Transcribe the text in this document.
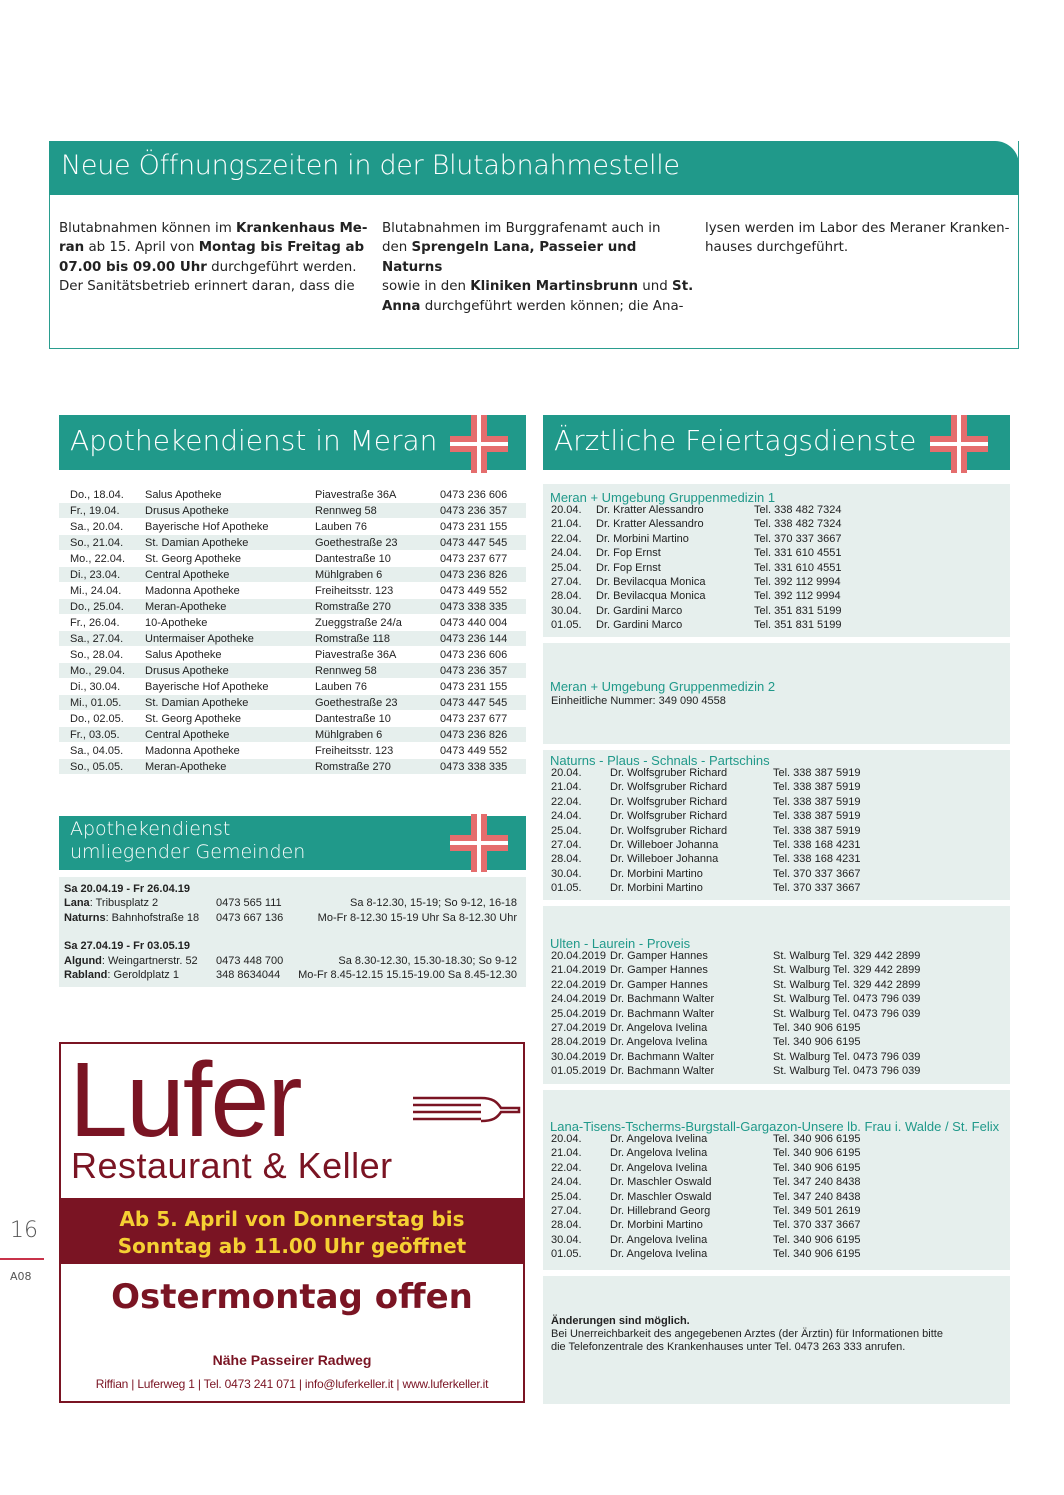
Neue Öffnungszeiten in der Blutabnahmestelle
Blutabnahmen können im Krankenhaus Me-
ran ab 15. April von Montag bis Freitag ab
07.00 bis 09.00 Uhr durchgeführt werden.
Der Sanitätsbetrieb erinnert daran, dass die
Blutabnahmen im Burggrafenamt auch in
den Sprengeln Lana, Passeier und Naturns
sowie in den Kliniken Martinsbrunn und St.
Anna durchgeführt werden können; die Ana-
lysen werden im Labor des Meraner Kranken-
hauses durchgeführt.
Apothekendienst in Meran
Do., 18.04. Salus Apotheke	Piavestraße 36A	0473 236 606
Fr., 19.04. Drusus Apotheke	Rennweg 58	0473 236 357
Sa., 20.04. Bayerische Hof Apotheke	Lauben 76	0473 231 155
So., 21.04. St. Damian Apotheke	Goethestraße 23	0473 447 545
Mo., 22.04. St. Georg Apotheke	Dantestraße 10	0473 237 677
Di., 23.04. Central Apotheke	Mühlgraben 6	0473 236 826
Mi., 24.04. Madonna Apotheke	Freiheitsstr. 123	0473 449 552
Do., 25.04. Meran-Apotheke	Romstraße 270	0473 338 335
Fr., 26.04. 10-Apotheke	Zueggstraße 24/a	0473 440 004
Sa., 27.04. Untermaiser Apotheke	Romstraße 118	0473 236 144
So., 28.04. Salus Apotheke	Piavestraße 36A	0473 236 606
Mo., 29.04. Drusus Apotheke	Rennweg 58	0473 236 357
Di., 30.04. Bayerische Hof Apotheke	Lauben 76	0473 231 155
Mi., 01.05. St. Damian Apotheke	Goethestraße 23	0473 447 545
Do., 02.05. St. Georg Apotheke	Dantestraße 10	0473 237 677
Fr., 03.05. Central Apotheke	Mühlgraben 6	0473 236 826
Sa., 04.05. Madonna Apotheke	Freiheitsstr. 123	0473 449 552
So., 05.05. Meran-Apotheke	Romstraße 270	0473 338 335
Apothekendienst
umliegender Gemeinden
Sa 20.04.19 - Fr 26.04.19
Lana: Tribusplatz 2	0473 565 111	Sa 8-12.30, 15-19; So 9-12, 16-18
Naturns: Bahnhofstraße 18 0473 667 136	Mo-Fr 8-12.30 15-19 Uhr Sa 8-12.30 Uhr
Sa 27.04.19 - Fr 03.05.19
Algund: Weingartnerstr. 52 0473 448 700	Sa 8.30-12.30, 15.30-18.30; So 9-12
Rabland: Geroldplatz 1	348 8634044 Mo-Fr 8.45-12.15 15.15-19.00 Sa 8.45-12.30
Lufer
Restaurant & Keller
Ab 5. April von Donnerstag bis
Sonntag ab 11.00 Uhr geöffnet
Ostermontag offen
Nähe Passeirer Radweg
Riffian | Luferweg 1 | Tel. 0473 241 071 | info@luferkeller.it | www.luferkeller.it
Ärztliche Feiertagsdienste
Meran + Umgebung Gruppenmedizin 1
20.04. Dr. Kratter Alessandro	Tel. 338 482 7324
21.04. Dr. Kratter Alessandro	Tel. 338 482 7324
22.04. Dr. Morbini Martino	Tel. 370 337 3667
24.04. Dr. Fop Ernst	Tel. 331 610 4551
25.04. Dr. Fop Ernst	Tel. 331 610 4551
27.04. Dr. Bevilacqua Monica	Tel. 392 112 9994
28.04. Dr. Bevilacqua Monica	Tel. 392 112 9994
30.04. Dr. Gardini Marco	Tel. 351 831 5199
01.05. Dr. Gardini Marco	Tel. 351 831 5199
Meran + Umgebung Gruppenmedizin 2
Einheitliche Nummer: 349 090 4558
Naturns - Plaus - Schnals - Partschins
20.04.	Dr. Wolfsgruber Richard	Tel. 338 387 5919
21.04.	Dr. Wolfsgruber Richard	Tel. 338 387 5919
22.04.	Dr. Wolfsgruber Richard	Tel. 338 387 5919
24.04.	Dr. Wolfsgruber Richard	Tel. 338 387 5919
25.04.	Dr. Wolfsgruber Richard	Tel. 338 387 5919
27.04.	Dr. Willeboer Johanna	Tel. 338 168 4231
28.04.	Dr. Willeboer Johanna	Tel. 338 168 4231
30.04.	Dr. Morbini Martino	Tel. 370 337 3667
01.05.	Dr. Morbini Martino	Tel. 370 337 3667
Ulten - Laurein - Proveis
20.04.2019 Dr. Gamper Hannes	St. Walburg Tel. 329 442 2899
21.04.2019 Dr. Gamper Hannes	St. Walburg Tel. 329 442 2899
22.04.2019 Dr. Gamper Hannes	St. Walburg Tel. 329 442 2899
24.04.2019 Dr. Bachmann Walter	St. Walburg Tel. 0473 796 039
25.04.2019 Dr. Bachmann Walter	St. Walburg Tel. 0473 796 039
27.04.2019 Dr. Angelova Ivelina	Tel. 340 906 6195
28.04.2019 Dr. Angelova Ivelina	Tel. 340 906 6195
30.04.2019 Dr. Bachmann Walter	St. Walburg Tel. 0473 796 039
01.05.2019 Dr. Bachmann Walter	St. Walburg Tel. 0473 796 039
Lana-Tisens-Tscherms-Burgstall-Gargazon-Unsere lb. Frau i. Walde / St. Felix
20.04.	Dr. Angelova Ivelina	Tel. 340 906 6195
21.04.	Dr. Angelova Ivelina	Tel. 340 906 6195
22.04.	Dr. Angelova Ivelina	Tel. 340 906 6195
24.04.	Dr. Maschler Oswald	Tel. 347 240 8438
25.04.	Dr. Maschler Oswald	Tel. 347 240 8438
27.04.	Dr. Hillebrand Georg	Tel. 349 501 2619
28.04.	Dr. Morbini Martino	Tel. 370 337 3667
30.04.	Dr. Angelova Ivelina	Tel. 340 906 6195
01.05.	Dr. Angelova Ivelina	Tel. 340 906 6195
Änderungen sind möglich.
Bei Unerreichbarkeit des angegebenen Arztes (der Ärztin) für Informationen bitte
die Telefonzentrale des Krankenhauses unter Tel. 0473 263 333 anrufen.
16
A08
